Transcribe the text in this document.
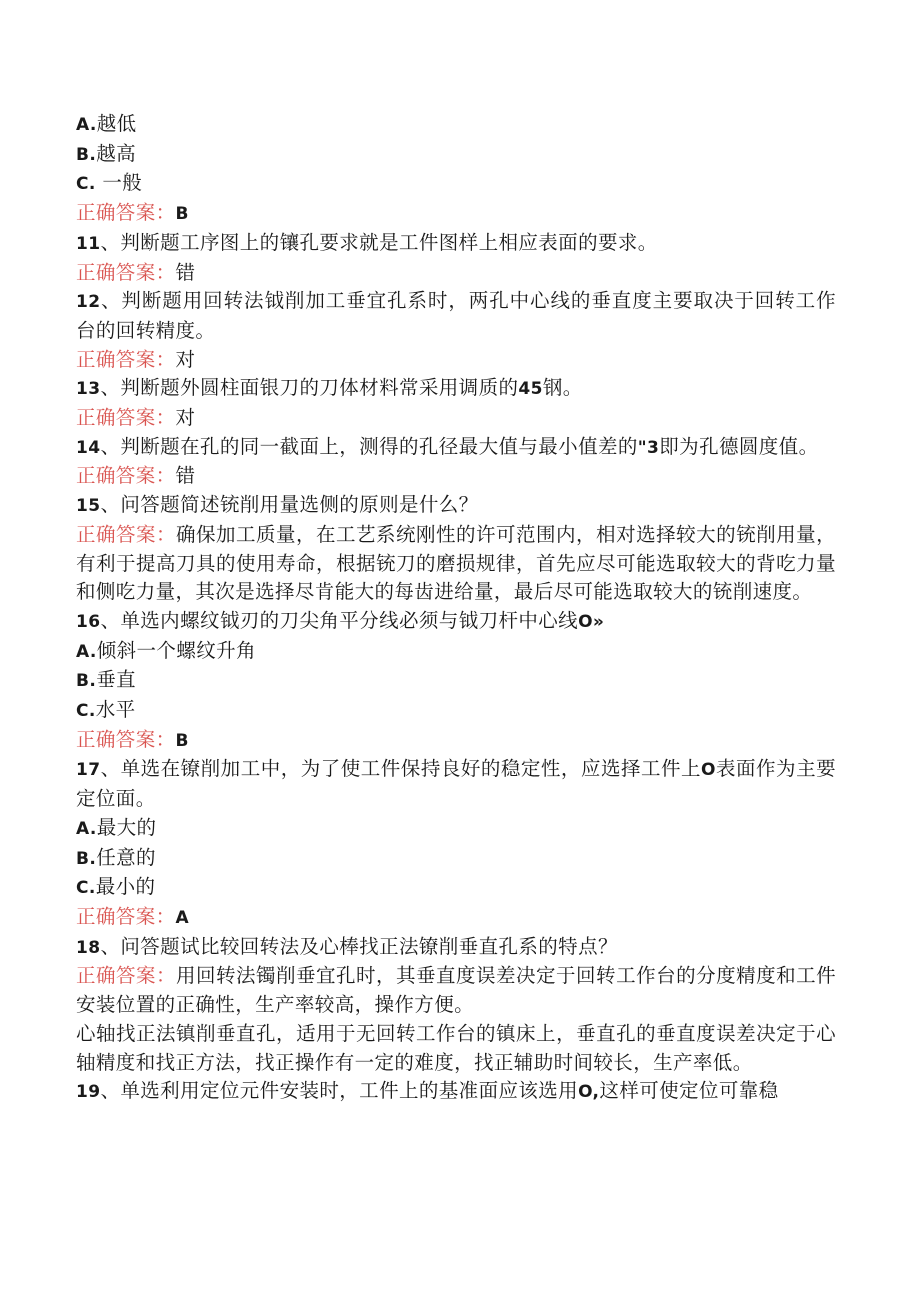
A.越低
B.越高
C. 一般
正确答案：B
11、判断题工序图上的镶孔要求就是工件图样上相应表面的要求。
正确答案：错
12、判断题用回转法钺削加工垂宜孔系时，两孔中心线的垂直度主要取决于回转工作台的回转精度。
正确答案：对
13、判断题外圆柱面银刀的刀体材料常采用调质的45钢。
正确答案：对
14、判断题在孔的同一截面上，测得的孔径最大值与最小值差的"3即为孔德圆度值。
正确答案：错
15、问答题简述铳削用量选侧的原则是什么？
正确答案：确保加工质量，在工艺系统刚性的许可范围内，相对选择较大的铳削用量，有利于提高刀具的使用寿命，根据铳刀的磨损规律，首先应尽可能选取较大的背吃力量和侧吃力量，其次是选择尽肯能大的每齿进给量，最后尽可能选取较大的铳削速度。
16、单选内螺纹钺刃的刀尖角平分线必须与钺刀杆中心线O»
A.倾斜一个螺纹升角
B.垂直
C.水平
正确答案：B
17、单选在镣削加工中，为了使工件保持良好的稳定性，应选择工件上O表面作为主要定位面。
A.最大的
B.任意的
C.最小的
正确答案：A
18、问答题试比较回转法及心棒找正法镣削垂直孔系的特点？
正确答案：用回转法镯削垂宜孔时，其垂直度误差决定于回转工作台的分度精度和工件安装位置的正确性，生产率较高，操作方便。
心轴找正法镇削垂直孔，适用于无回转工作台的镇床上，垂直孔的垂直度误差决定于心轴精度和找正方法，找正操作有一定的难度，找正辅助时间较长，生产率低。
19、单选利用定位元件安装时，工件上的基准面应该选用O,这样可使定位可靠稳
